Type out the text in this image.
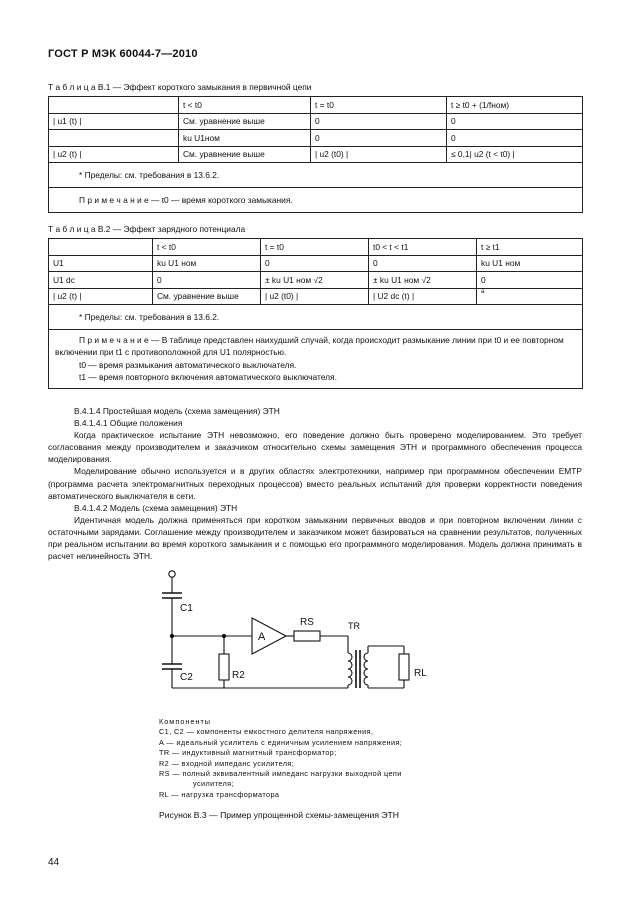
ГОСТ Р МЭК 60044-7—2010
Т а б л и ц а В.1 — Эффект короткого замыкания в первичной цепи
	t < t0	t = t0	t ≥ t0 + (1/fном)
| u1 (t) |	См. уравнение выше	0	0
	ku U1ном	0	0
| u2 (t) |	См. уравнение выше	| u2 (t0) |	≤ 0,1| u2 (t < t0) |
* Пределы: см. требования в 13.6.2.			
П р и м е ч а н и е — t0 — время короткого замыкания.			
Т а б л и ц а В.2 — Эффект зарядного потенциала
	t < t0	t = t0	t0 < t < t1	t ≥ t1
U1	ku U1 ном	0	0	ku U1 ном
U1 dc	0	± ku U1 ном √2	± ku U1 ном √2	0
| u2 (t) |	См. уравнение выше	| u2 (t0) |	| U2 dc (t) |	a
* Пределы: см. требования в 13.6.2.				

П р и м е ч а н и е — В таблице представлен наихудший случай, когда происходит размыкание линии при t0 и ее повторном включении при t1 с противоположной для U1 полярностью.
t0 — время размыкания автоматического выключателя.
t1 — время повторного включения автоматического выключателя.				

В.4.1.4 Простейшая модель (схема замещения) ЭТН

В.4.1.4.1 Общие положения

Когда практическое испытание ЭТН невозможно, его поведение должно быть проверено моделированием. Это требует согласования между производителем и заказчиком относительно схемы замещения ЭТН и программного обеспечения процесса моделирования.

Моделирование обычно используется и в других областях электротехники, например при программном обеспечении EMTP (программа расчета электромагнитных переходных процессов) вместо реальных испытаний для проверки корректности поведения автоматического выключателя в сети.

В.4.1.4.2 Модель (схема замещения) ЭТН

Идентичная модель должна применяться при коротком замыкании первичных вводов и при повторном включении линии с остаточными зарядами. Соглашение между производителем и заказчиком может базироваться на сравнении результатов, полученных при реальном испытании во время короткого замыкания и с помощью его программного моделирования. Модель должна принимать в расчет нелинейность ЭТН.

C1
C2	R2
A
RS	TR
RL
Компоненты
C1, C2 — компоненты емкостного делителя напряжения,
A — идеальный усилитель с единичным усилением напряжения;
TR — индуктивный магнитный трансформатор;
R2 — входной импеданс усилителя;
RS — полный эквивалентный импеданс нагрузки выходной цепи
усилителя;
RL — нагрузка трансформатора
Рисунок В.3 — Пример упрощенной схемы-замещения ЭТН
44
